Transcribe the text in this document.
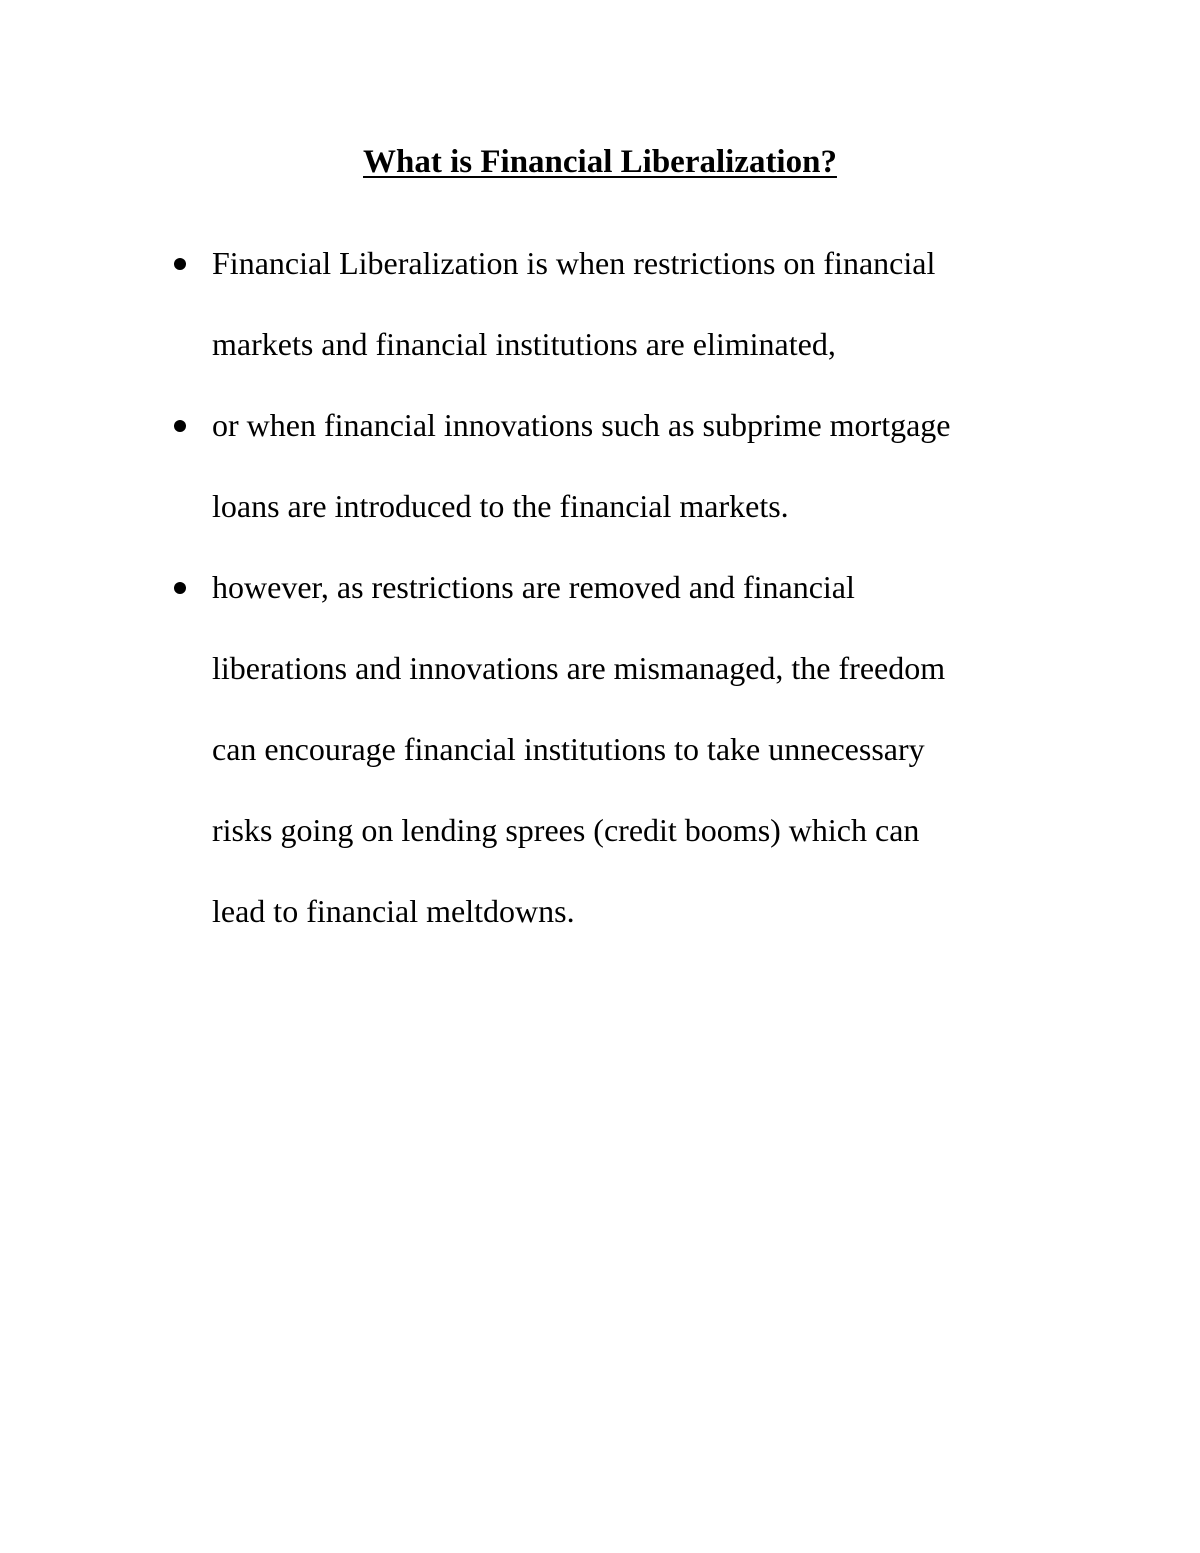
What is Financial Liberalization?
Financial Liberalization is when restrictions on financial
markets and financial institutions are eliminated,
or when financial innovations such as subprime mortgage
loans are introduced to the financial markets.
however, as restrictions are removed and financial
liberations and innovations are mismanaged, the freedom
can encourage financial institutions to take unnecessary
risks going on lending sprees (credit booms) which can
lead to financial meltdowns.
